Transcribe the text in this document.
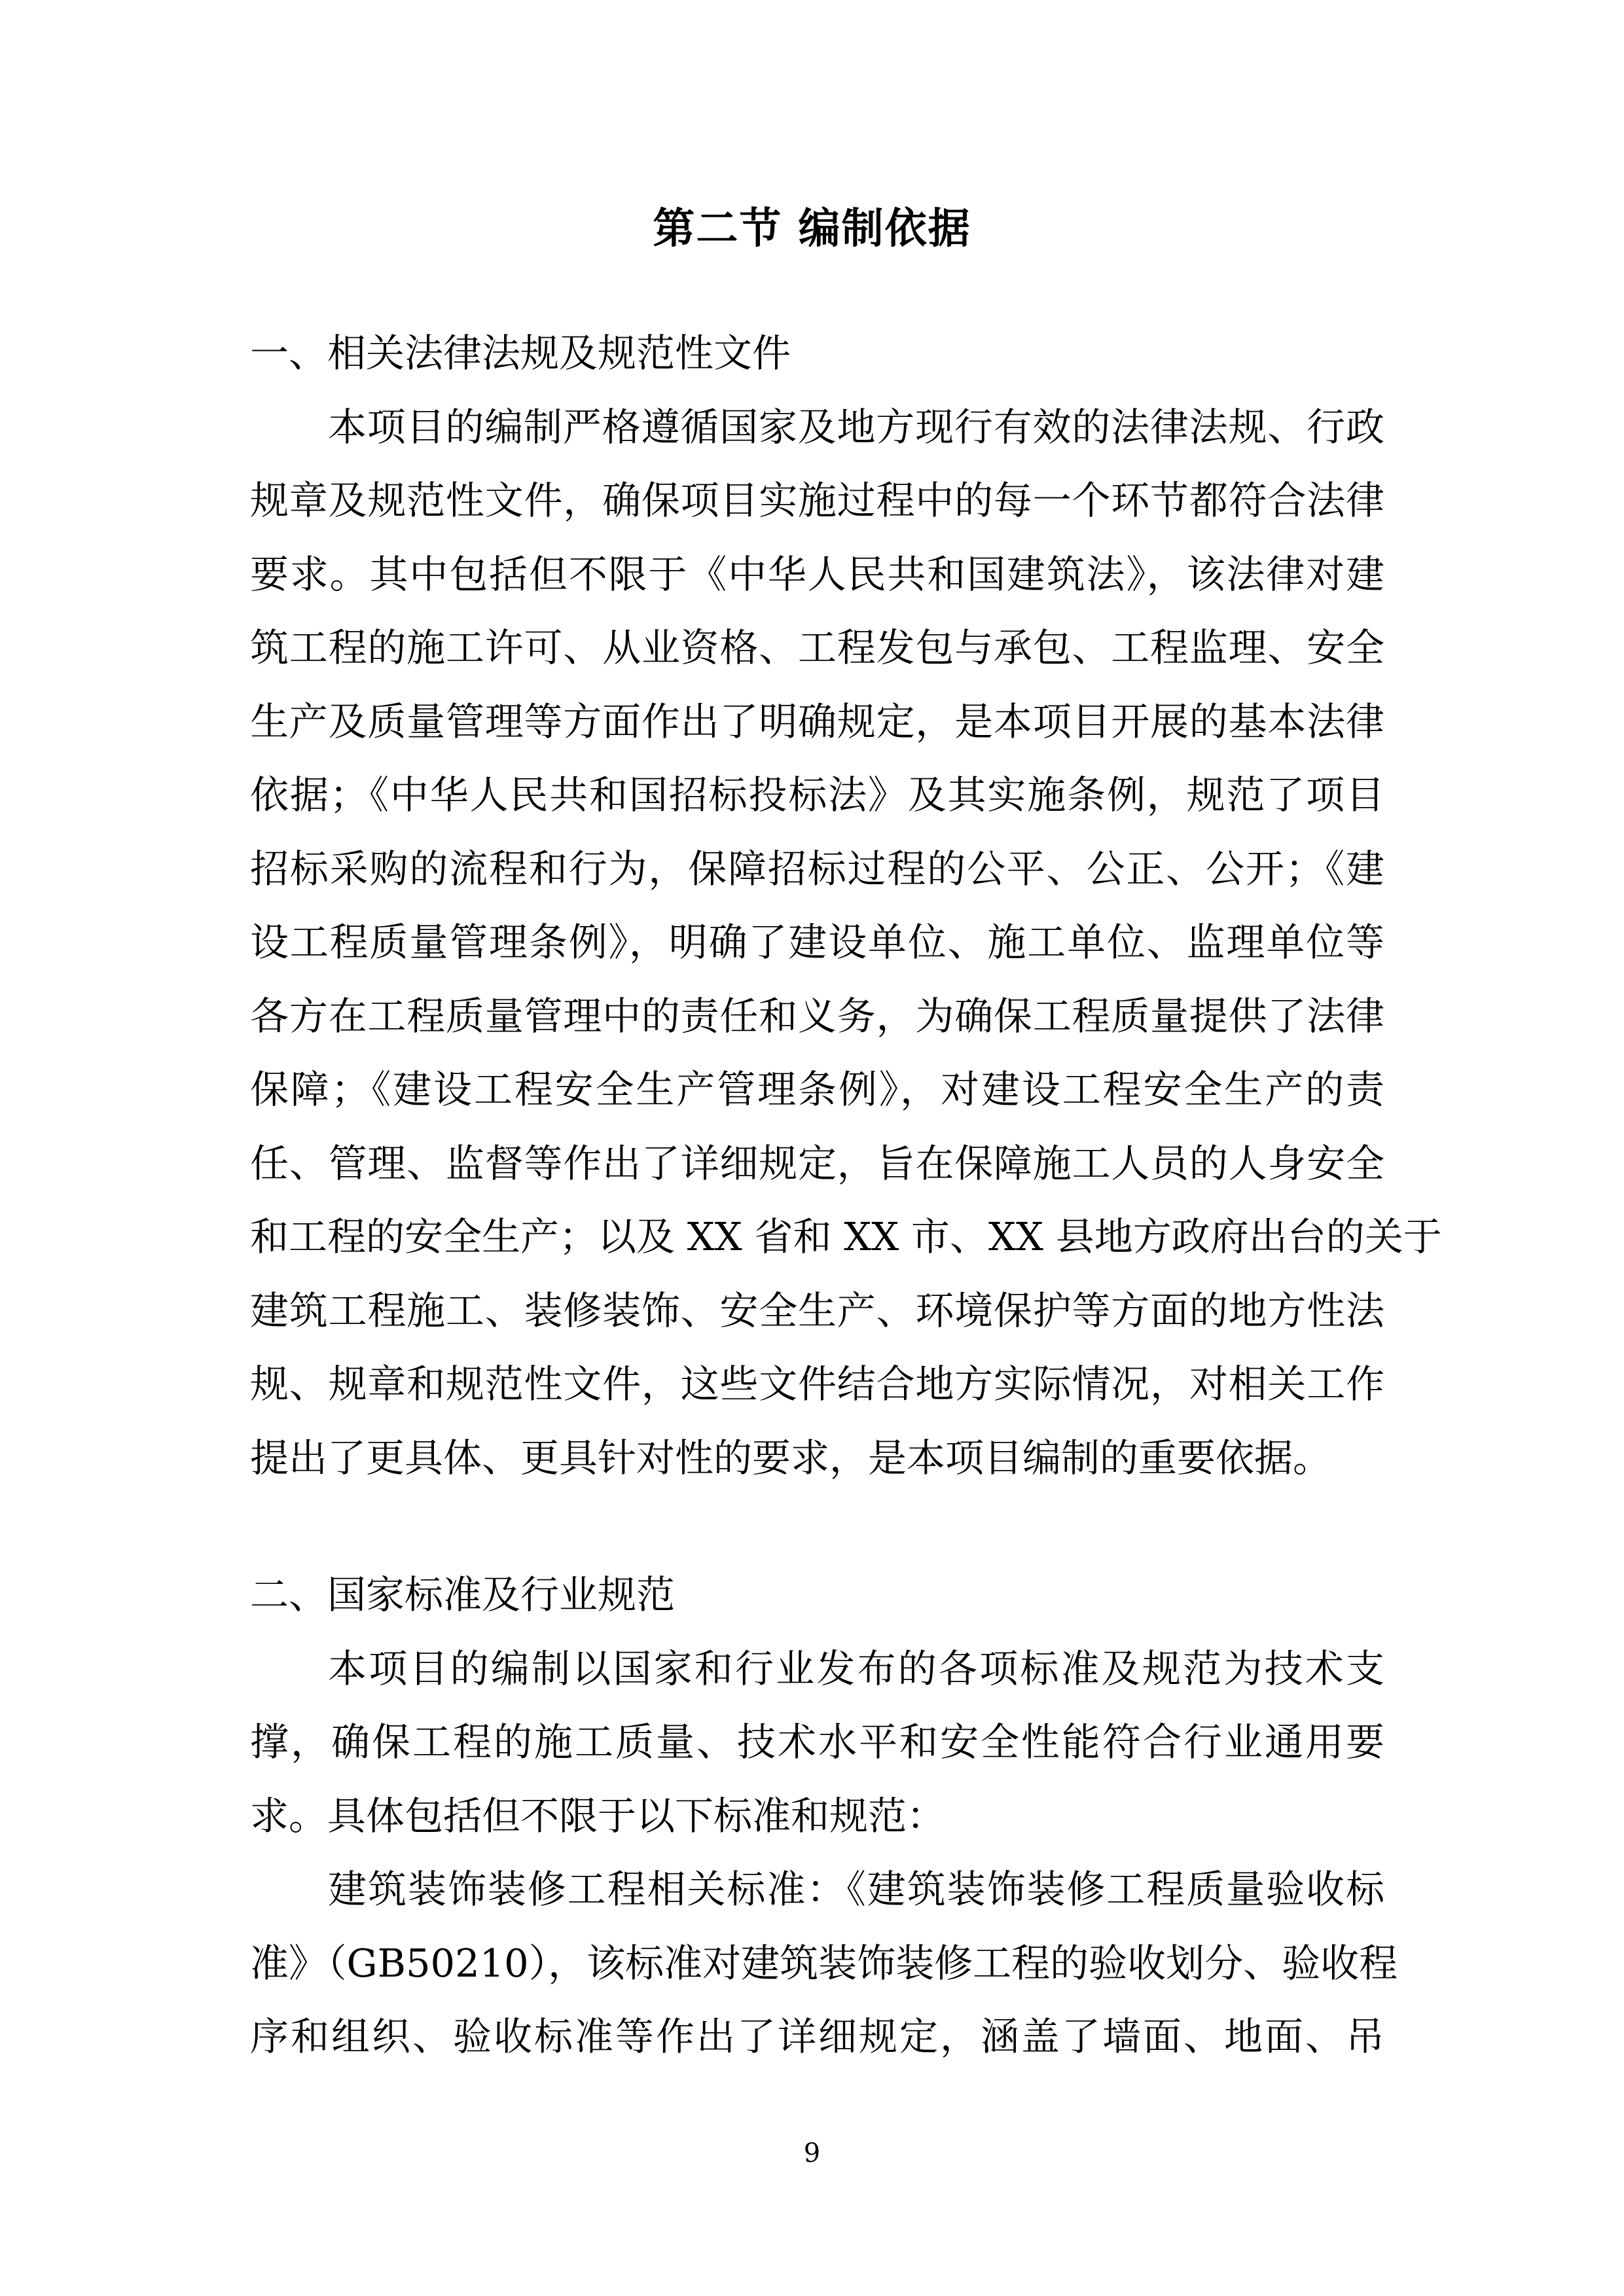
第二节 编制依据
一、相关法律法规及规范性文件
本项目的编制严格遵循国家及地方现行有效的法律法规、行政
规章及规范性文件，确保项目实施过程中的每一个环节都符合法律
要求。其中包括但不限于《中华人民共和国建筑法》，该法律对建
筑工程的施工许可、从业资格、工程发包与承包、工程监理、安全
生产及质量管理等方面作出了明确规定，是本项目开展的基本法律
依据；《中华人民共和国招标投标法》及其实施条例，规范了项目
招标采购的流程和行为，保障招标过程的公平、公正、公开；《建
设工程质量管理条例》，明确了建设单位、施工单位、监理单位等
各方在工程质量管理中的责任和义务，为确保工程质量提供了法律
保障；《建设工程安全生产管理条例》，对建设工程安全生产的责
任、管理、监督等作出了详细规定，旨在保障施工人员的人身安全
和工程的安全生产；以及 XX 省和 XX 市、XX 县地方政府出台的关于
建筑工程施工、装修装饰、安全生产、环境保护等方面的地方性法
规、规章和规范性文件，这些文件结合地方实际情况，对相关工作
提出了更具体、更具针对性的要求，是本项目编制的重要依据。
二、国家标准及行业规范
本项目的编制以国家和行业发布的各项标准及规范为技术支
撑，确保工程的施工质量、技术水平和安全性能符合行业通用要
求。具体包括但不限于以下标准和规范：
建筑装饰装修工程相关标准：《建筑装饰装修工程质量验收标
准》（GB50210），该标准对建筑装饰装修工程的验收划分、验收程
序和组织、验收标准等作出了详细规定，涵盖了墙面、地面、吊
9
